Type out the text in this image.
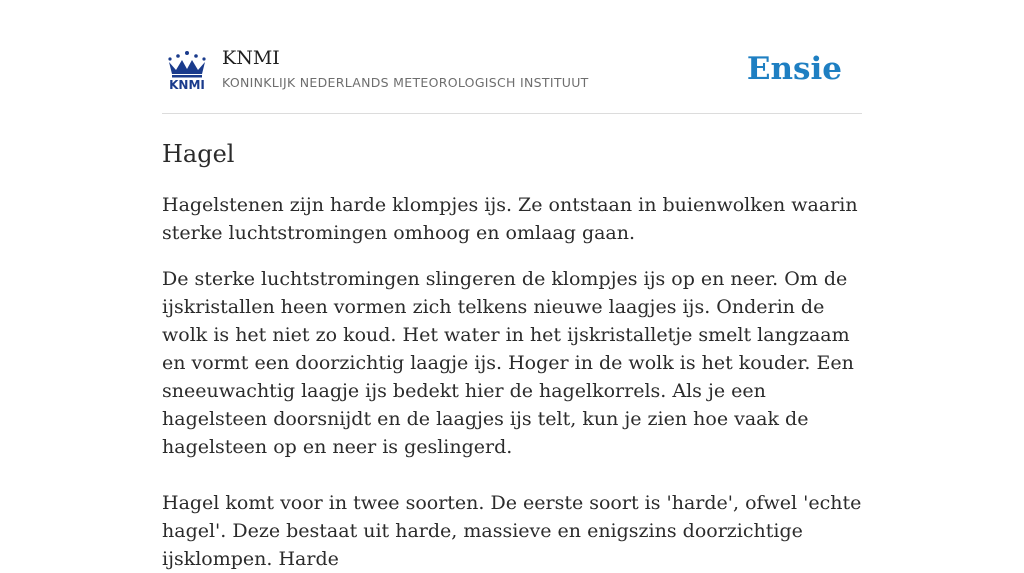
KNMI
KNMI
KONINKLIJK NEDERLANDS METEOROLOGISCH INSTITUUT	Ensie
Hagel

Hagelstenen zijn harde klompjes ijs. Ze ontstaan in buienwolken waarin sterke luchtstromingen omhoog en omlaag gaan.

De sterke luchtstromingen slingeren de klompjes ijs op en neer. Om de ijskristallen heen vormen zich telkens nieuwe laagjes ijs. Onderin de wolk is het niet zo koud. Het water in het ijskristalletje smelt langzaam en vormt een doorzichtig laagje ijs. Hoger in de wolk is het kouder. Een sneeuwachtig laagje ijs bedekt hier de hagelkorrels. Als je een hagelsteen doorsnijdt en de laagjes ijs telt, kun je zien hoe vaak de hagelsteen op en neer is geslingerd.

Hagel komt voor in twee soorten. De eerste soort is 'harde', ofwel 'echte hagel'. Deze bestaat uit harde, massieve en enigszins doorzichtige ijsklompen. Harde
